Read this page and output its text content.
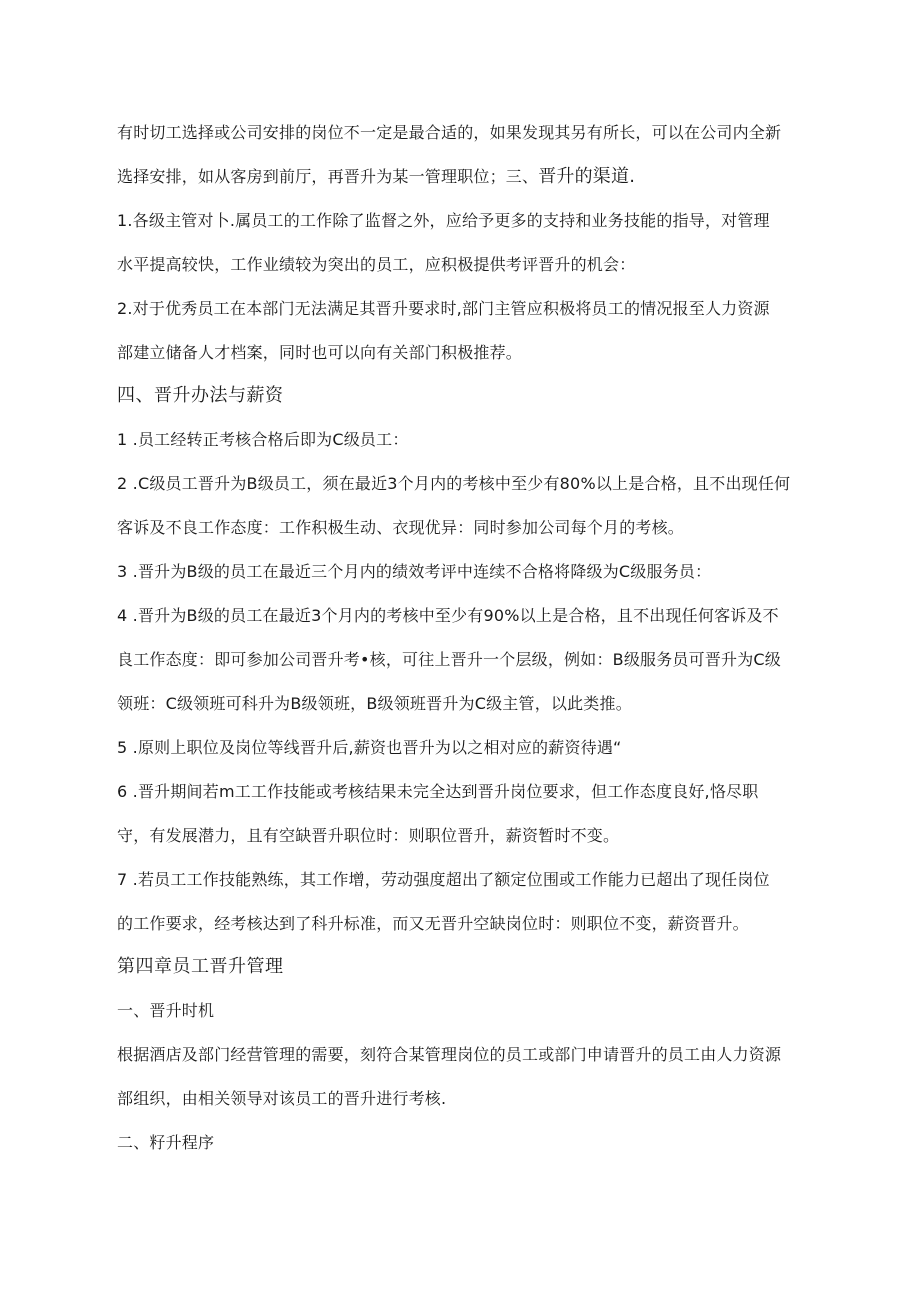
有时切工选择或公司安排的岗位不一定是最合适的，如果发现其另有所长，可以在公司内全新
选择安排，如从客房到前厅，再晋升为某一管理职位；三、晋升的渠道.
1.各级主管对卜.属员工的工作除了监督之外，应给予更多的支持和业务技能的指导，对管理
水平提高较快，工作业绩较为突出的员工，应积极提供考评晋升的机会：
2.对于优秀员工在本部门无法满足其晋升要求时,部门主管应积极将员工的情况报至人力资源
部建立储备人才档案，同时也可以向有关部门积极推荐。
四、晋升办法与薪资
1 .员工经转正考核合格后即为C级员工：
2 .C级员工晋升为B级员工，须在最近3个月内的考核中至少有80%以上是合格，且不出现任何
客诉及不良工作态度：工作积极生动、衣现优异：同时参加公司每个月的考核。
3 .晋升为B级的员工在最近三个月内的绩效考评中连续不合格将降级为C级服务员：
4 .晋升为B级的员工在最近3个月内的考核中至少有90%以上是合格，且不出现任何客诉及不
良工作态度：即可参加公司晋升考•核，可往上晋升一个层级，例如：B级服务员可晋升为C级
领班：C级领班可科升为B级领班，B级领班晋升为C级主管，以此类推。
5 .原则上职位及岗位等线晋升后,薪资也晋升为以之相对应的薪资待遇“
6 .晋升期间若m工工作技能或考核结果未完全达到晋升岗位要求，但工作态度良好,恪尽职
守，有发展潜力，且有空缺晋升职位时：则职位晋升，薪资暂时不变。
7 .若员工工作技能熟练，其工作增，劳动强度超出了额定位围或工作能力已超出了现任岗位
的工作要求，经考核达到了科升标准，而又无晋升空缺岗位时：则职位不变，薪资晋升。
第四章员工晋升管理
一、晋升时机
根据酒店及部门经营管理的需要，刻符合某管理岗位的员工或部门申请晋升的员工由人力资源
部组织，由相关领导对该员工的晋升进行考核.
二、籽升程序
